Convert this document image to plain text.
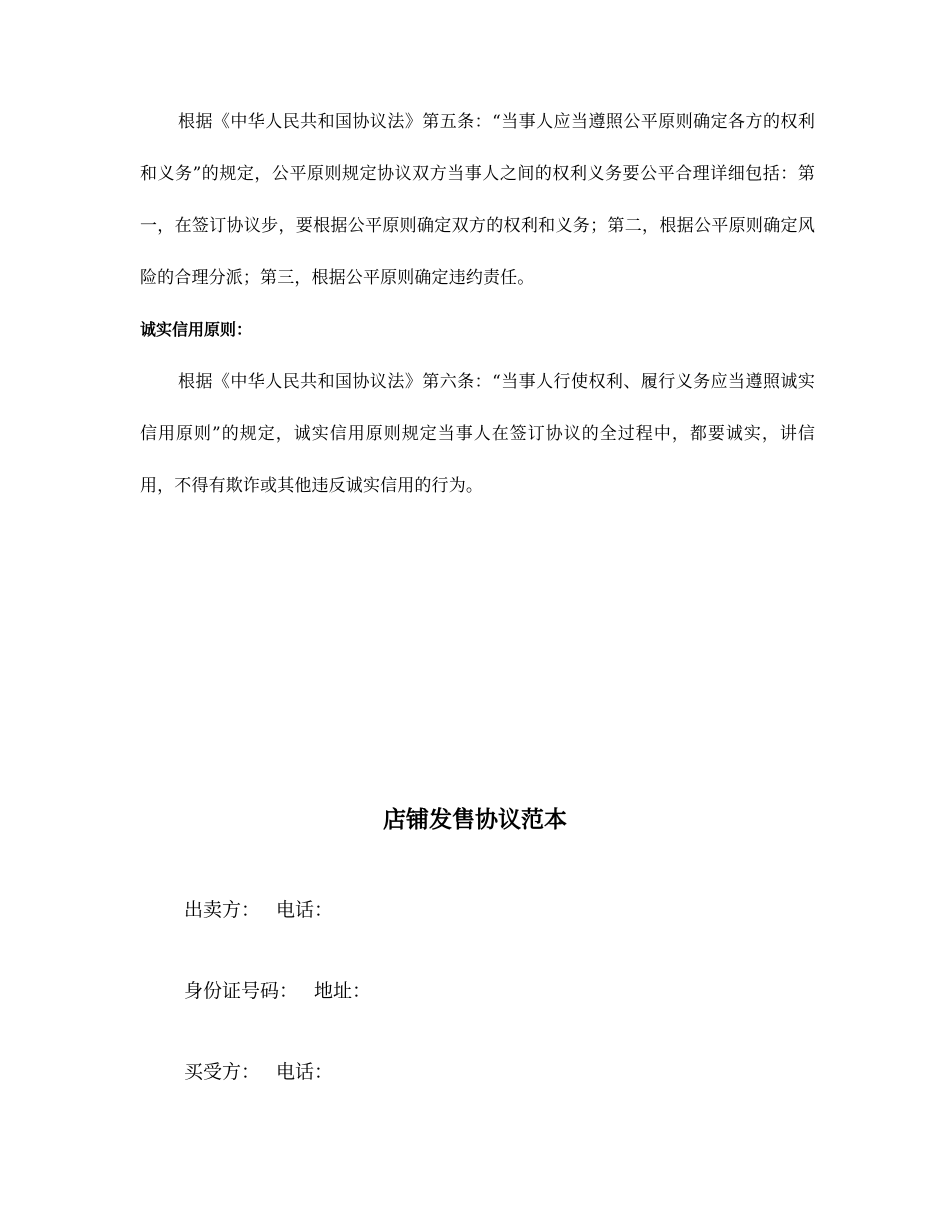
根据《中华人民共和国协议法》第五条：“当事人应当遵照公平原则确定各方的权利和义务”的规定，公平原则规定协议双方当事人之间的权利义务要公平合理详细包括：第一，在签订协议步，要根据公平原则确定双方的权利和义务；第二，根据公平原则确定风险的合理分派；第三，根据公平原则确定违约责任。

诚实信用原则：

根据《中华人民共和国协议法》第六条：“当事人行使权利、履行义务应当遵照诚实信用原则”的规定，诚实信用原则规定当事人在签订协议的全过程中，都要诚实，讲信用，不得有欺诈或其他违反诚实信用的行为。

店铺发售协议范本
出卖方： 电话：
身份证号码： 地址：
买受方： 电话：
